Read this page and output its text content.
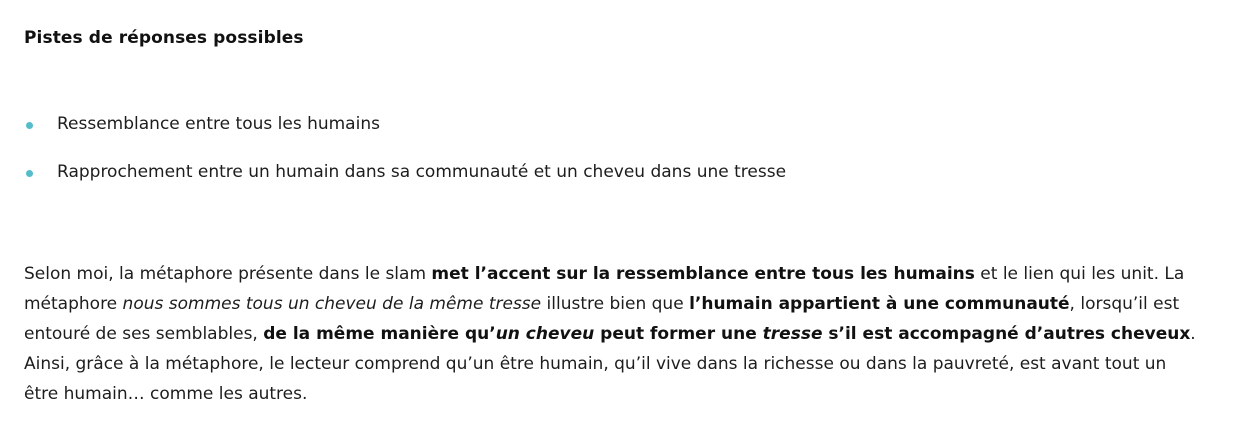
Pistes de réponses possibles
Ressemblance entre tous les humains
Rapprochement entre un humain dans sa communauté et un cheveu dans une tresse

Selon moi, la métaphore présente dans le slam met l’accent sur la ressemblance entre tous les humains et le lien qui les unit. La métaphore nous sommes tous un cheveu de la même tresse illustre bien que l’humain appartient à une communauté, lorsqu’il est entouré de ses semblables, de la même manière qu’un cheveu peut former une tresse s’il est accompagné d’autres cheveux. Ainsi, grâce à la métaphore, le lecteur comprend qu’un être humain, qu’il vive dans la richesse ou dans la pauvreté, est avant tout un être humain… comme les autres.
